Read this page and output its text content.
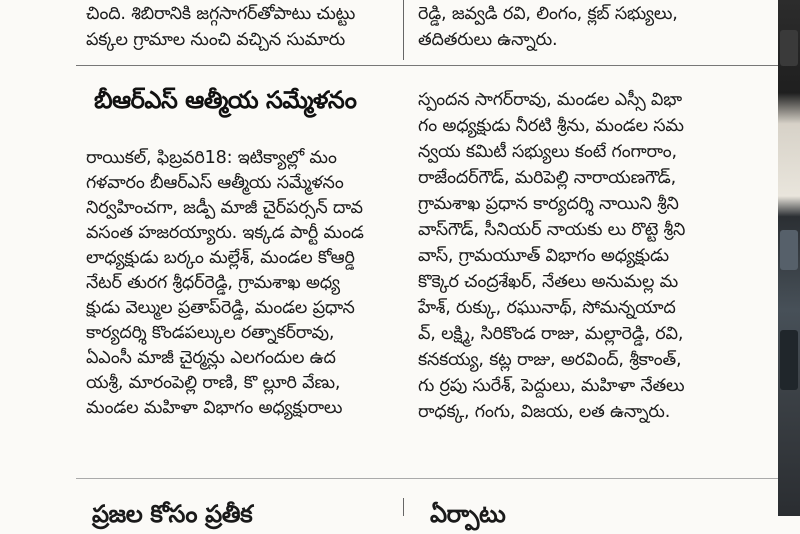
చింది. శిబిరానికి జగ్గసాగర్‌తోపాటు చుట్టు
పక్కల గ్రామాల నుంచి వచ్చిన సుమారు
రెడ్డి, జవ్వడి రవి, లింగం, క్లబ్ సభ్యులు,
తదితరులు ఉన్నారు.
బీఆర్ఎస్ ఆత్మీయ సమ్మేళనం
రాయికల్, ఫిబ్రవరి18: ఇటిక్యాల్లో మం
గళవారం బీఆర్ఎస్ ఆత్మీయ సమ్మేళనం
నిర్వహించగా, జడ్పీ మాజీ చైర్‌పర్సన్ దావ
వసంత హజరయ్యారు. ఇక్కడ పార్టీ మండ
లాధ్యక్షుడు బర్కం మల్లేశ్, మండల కోఆర్డి
నేటర్ తురగ శ్రీధర్‌రెడ్డి, గ్రామశాఖ అధ్య
క్షుడు వెల్ముల ప్రతాప్‌రెడ్డి, మండల ప్రధాన
కార్యదర్శి కొండపల్కుల రత్నాకర్‌రావు,
ఏఎంసీ మాజీ చైర్మన్లు ఎలగందుల ఉద
యశ్రీ, మారంపెల్లి రాణి, కొ ల్లూరి వేణు,
మండల మహిళా విభాగం అధ్యక్షురాలు
స్పందన సాగర్‌రావు, మండల ఎస్సీ విభా
గం అధ్యక్షుడు నీరటి శ్రీను, మండల సమ
న్వయ కమిటీ సభ్యులు కంటే గంగారాం,
రాజేందర్‌గౌడ్, మరిపెల్లి నారాయణగౌడ్,
గ్రామశాఖ ప్రధాన కార్యదర్శి నాయిని శ్రీని
వాస్‌గౌడ్, సీనియర్ నాయకు లు రొట్టె శ్రీని
వాస్, గ్రామయూత్ విభాగం అధ్యక్షుడు
కొక్కెర చంద్రశేఖర్, నేతలు అనుమల్ల మ
హేశ్, రుక్కు, రఘునాథ్, సోమన్నయాద
వ్, లక్ష్మి, సిరికొండ రాజు, మల్లారెడ్డి, రవి,
కనకయ్య, కట్ల రాజు, అరవింద్, శ్రీకాంత్,
గు ర్రపు సురేశ్, పెద్దులు, మహిళా నేతలు
రాధక్క, గంగు, విజయ, లత ఉన్నారు.
ప్రజల కోసం ప్రతీక	ఏర్పాటు
